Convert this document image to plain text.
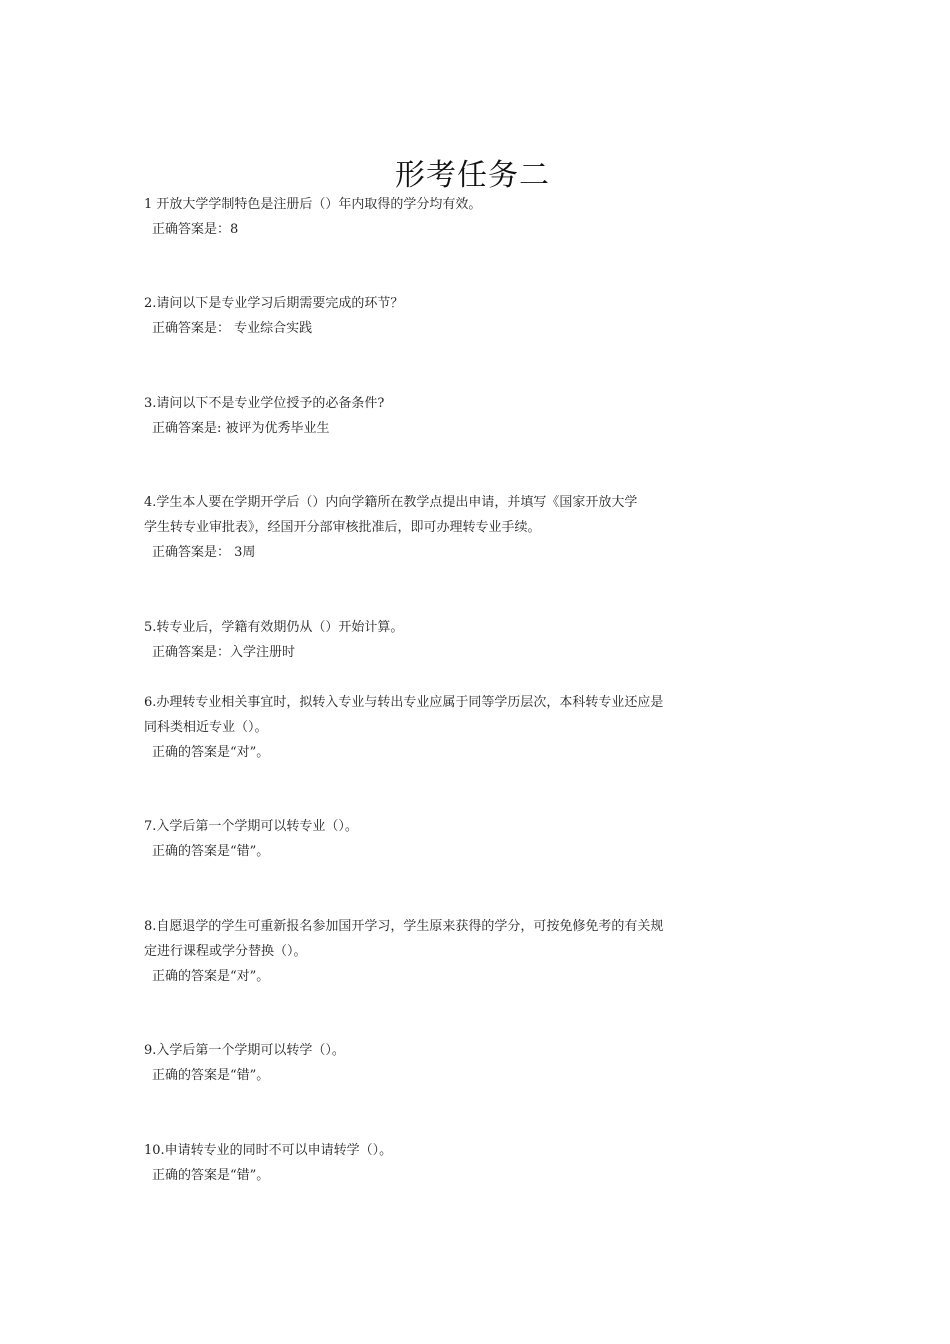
形考任务二
1 开放大学学制特色是注册后（）年内取得的学分均有效。
正确答案是：8
2.请问以下是专业学习后期需要完成的环节？
正确答案是： 专业综合实践
3.请问以下不是专业学位授予的必备条件?
正确答案是: 被评为优秀毕业生
4.学生本人要在学期开学后（）内向学籍所在教学点提出申请，并填写《国家开放大学
学生转专业审批表》，经国开分部审核批准后，即可办理转专业手续。
正确答案是： 3周
5.转专业后，学籍有效期仍从（）开始计算。
正确答案是：入学注册时
6.办理转专业相关事宜时，拟转入专业与转出专业应属于同等学历层次，本科转专业还应是
同科类相近专业（）。
正确的答案是“对”。
7.入学后第一个学期可以转专业（）。
正确的答案是“错”。
8.自愿退学的学生可重新报名参加国开学习，学生原来获得的学分，可按免修免考的有关规
定进行课程或学分替换（）。
正确的答案是“对”。
9.入学后第一个学期可以转学（）。
正确的答案是“错”。
10.申请转专业的同时不可以申请转学（）。
正确的答案是“错”。
